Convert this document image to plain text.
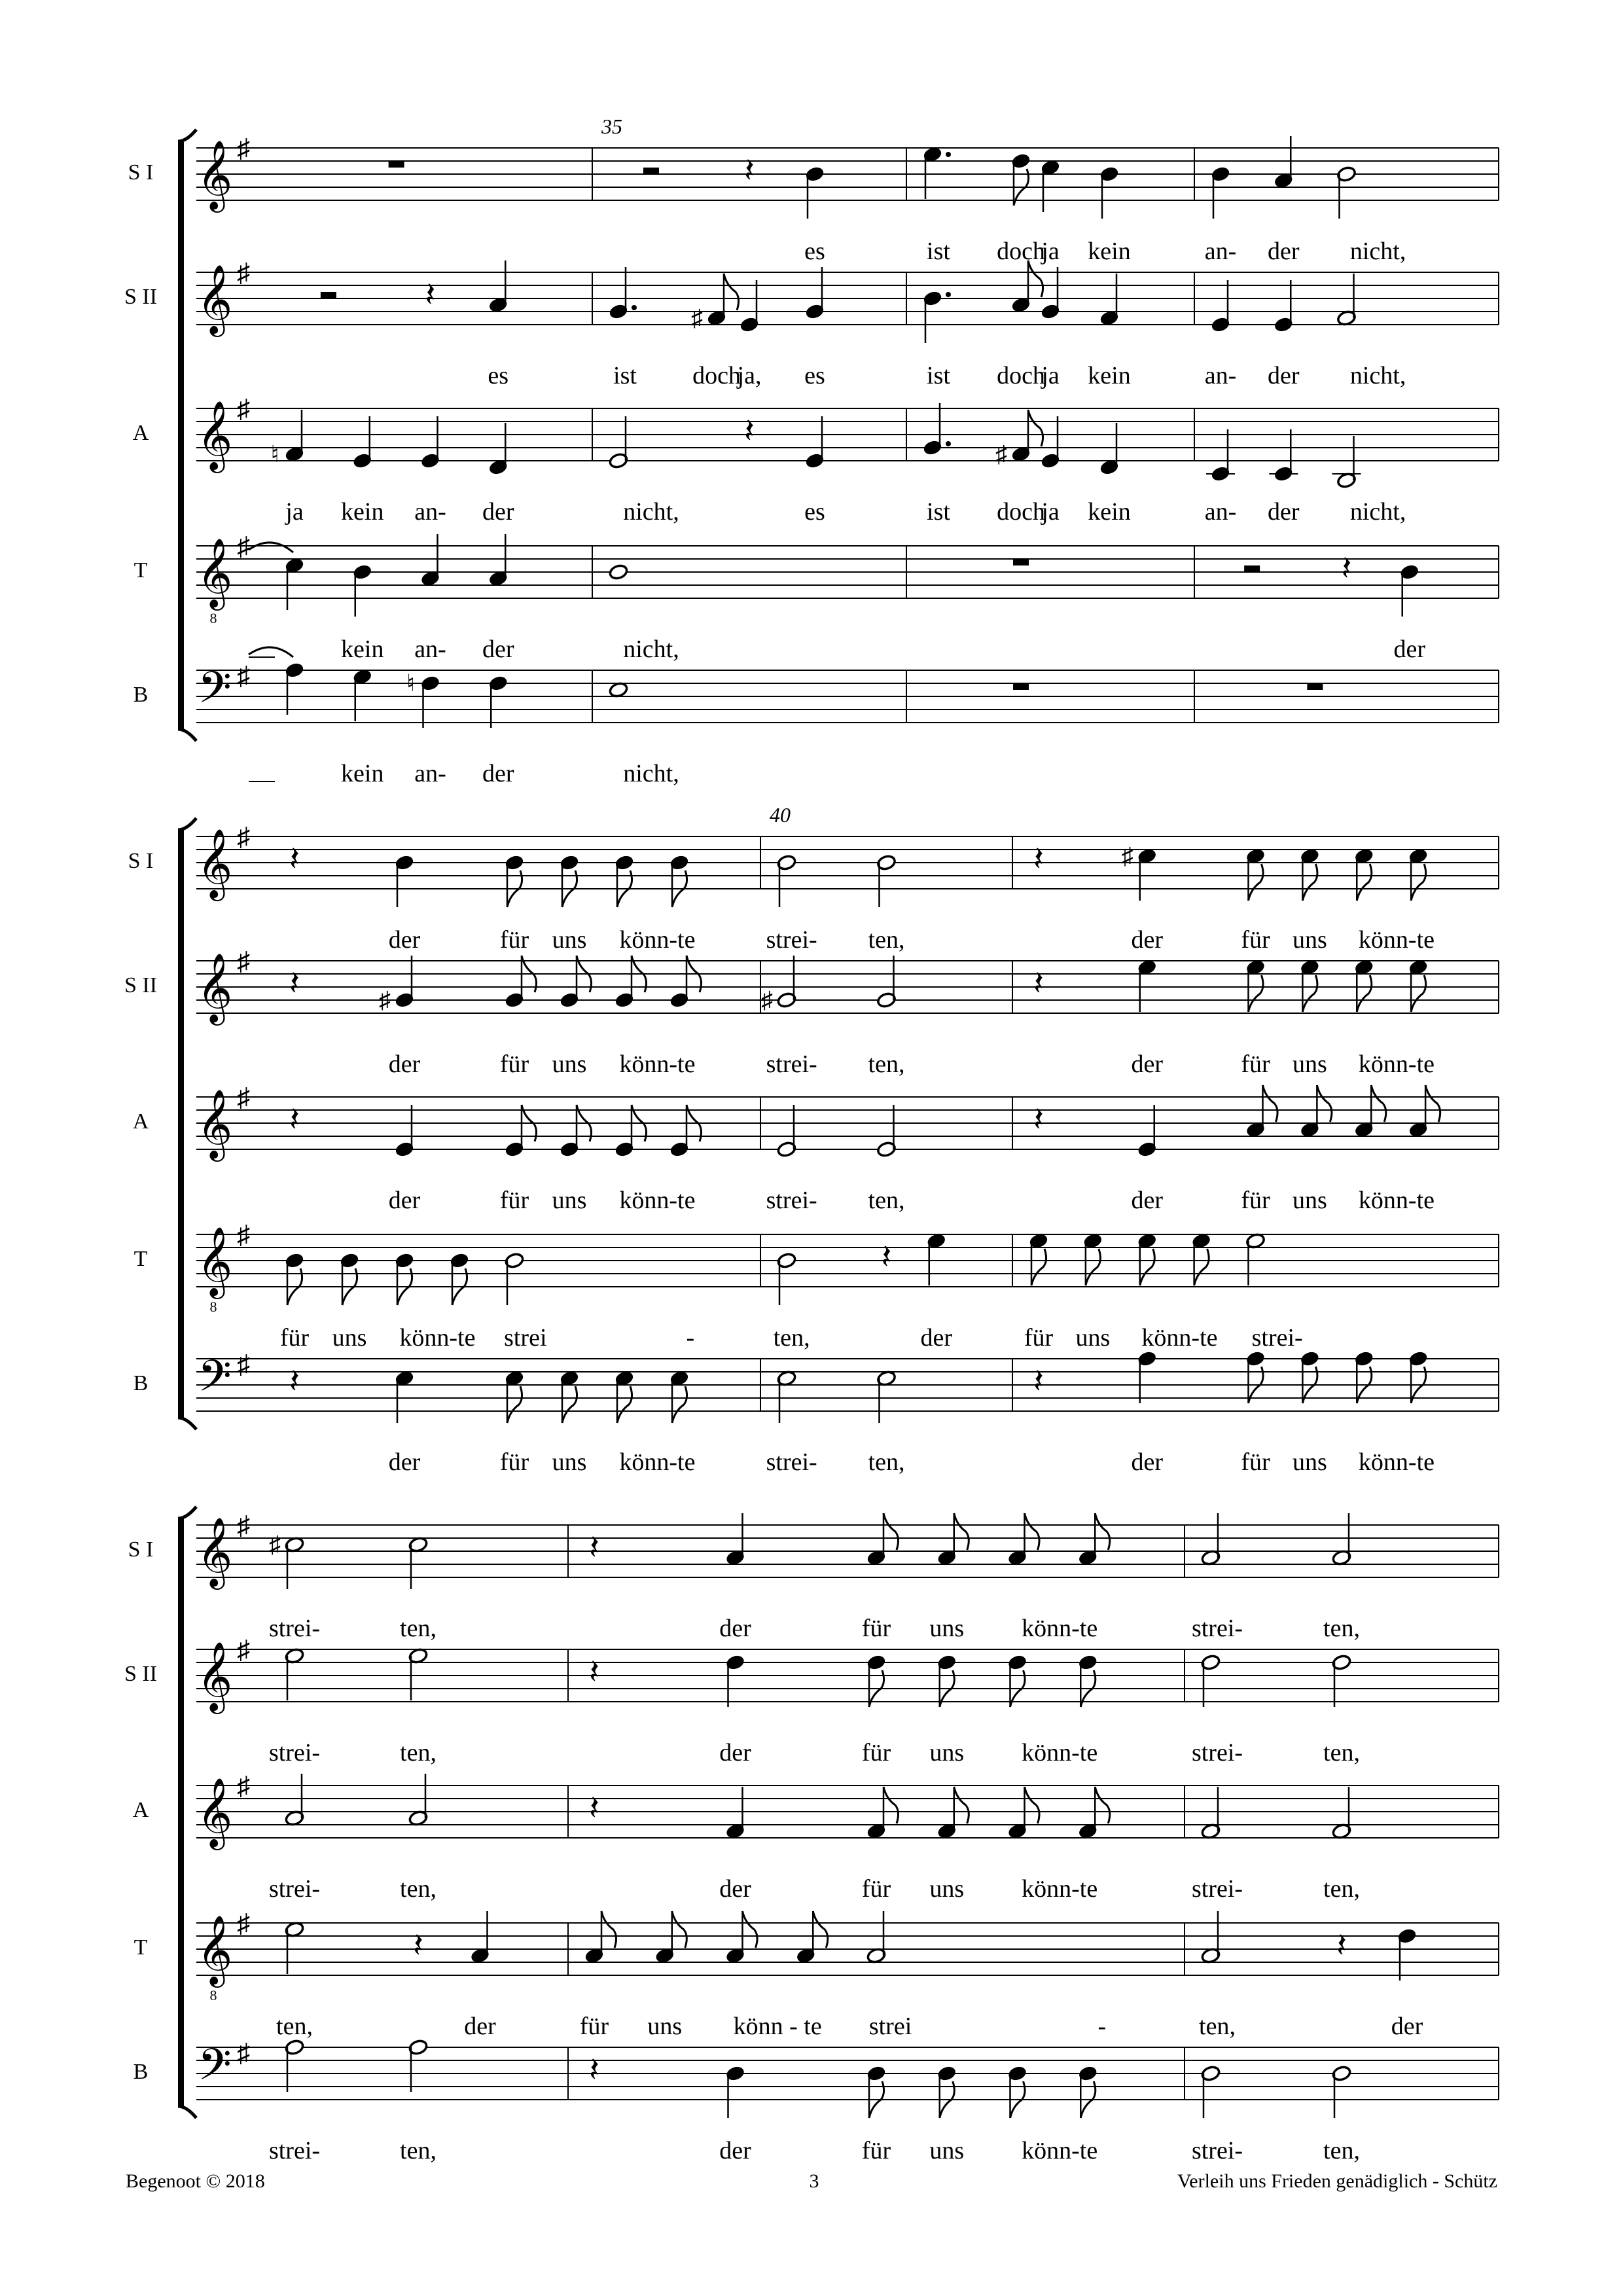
35
S I 𝄞 ♯
𝄽
es	ist doch
ja kein	an- der nicht,
S II 𝄞 ♯
𝄽
♯
es	ist doch
ja, es	ist doch
ja kein	an- der nicht,
A 𝄞 ♯
♮
𝄽
♯
ja kein an- der	nicht,	es	ist doch
ja kein	an- der nicht,
T 𝄞 ♯
8
𝄽
kein an- der	nicht,	der
B 𝄢 ♯	♮
kein an- der	nicht,
40
S I 𝄞 ♯
𝄽	𝄽	♯
der	für uns könn-te	strei- ten,	der	für uns könn-te
S II 𝄞 ♯
𝄽	♯	♯	𝄽
der	für uns könn-te	strei- ten,	der	für uns könn-te
A 𝄞 ♯
𝄽	𝄽
der	für uns könn-te	strei- ten,	der	für uns könn-te
T 𝄞 ♯
8
𝄽
für uns könn-te strei	-	ten,	der	für uns könn-te strei-
B 𝄢 ♯ 𝄽	𝄽
der	für uns könn-te	strei- ten,	der	für uns könn-te
S I 𝄞 ♯
♯	𝄽
strei-	ten,	der	für uns könn-te	strei-	ten,
S II 𝄞 ♯
𝄽
strei-	ten,	der	für uns könn-te	strei-	ten,
A 𝄞 ♯
𝄽
strei-	ten,	der	für uns könn-te	strei-	ten,
T 𝄞 ♯
8
𝄽	𝄽
ten,	der	für uns könn - te strei	-	ten,	der
B 𝄢 ♯	𝄽
strei-	ten,	der	für uns könn-te	strei-	ten,
Begenoot © 2018	3	Verleih uns Frieden genädiglich - Schütz
